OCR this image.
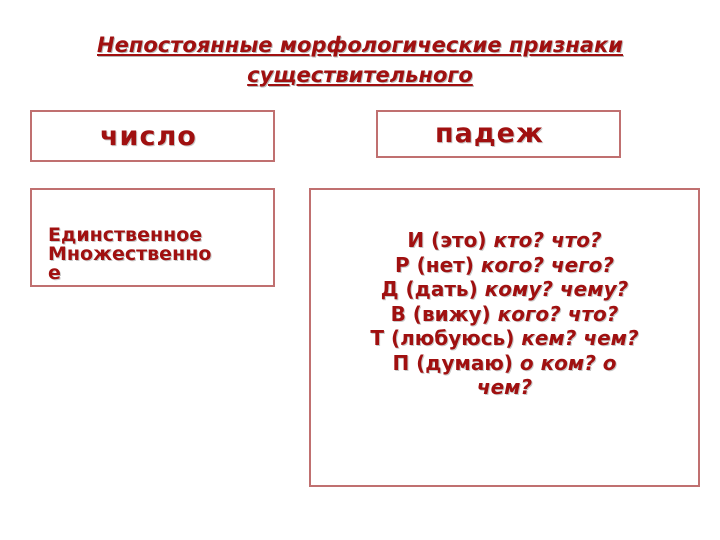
Непостоянные морфологические признаки
существительного
число	падеж
Единственное
Множественно
е
И (это) кто? что?
Р (нет) кого? чего?
Д (дать) кому? чему?
В (вижу) кого? что?
Т (любуюсь) кем? чем?
П (думаю) о ком? о
чем?
